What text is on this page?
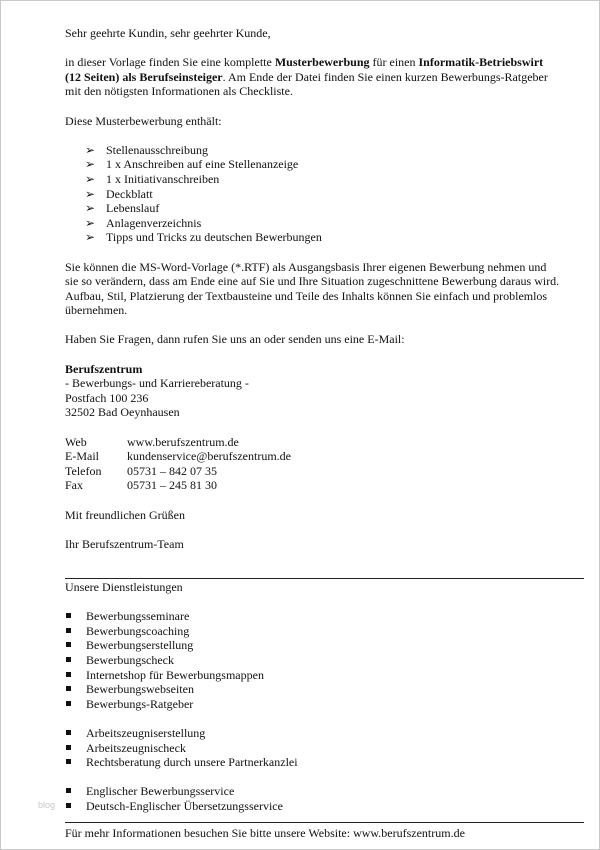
Sehr geehrte Kundin, sehr geehrter Kunde,

in dieser Vorlage finden Sie eine komplette Musterbewerbung für einen Informatik-Betriebswirt
(12 Seiten) als Berufseinsteiger. Am Ende der Datei finden Sie einen kurzen Bewerbungs-Ratgeber
mit den nötigsten Informationen als Checkliste.

Diese Musterbewerbung enthält:

➢ Stellenausschreibung
➢ 1 x Anschreiben auf eine Stellenanzeige
➢ 1 x Initiativanschreiben
➢ Deckblatt
➢ Lebenslauf
➢ Anlagenverzeichnis
➢ Tipps und Tricks zu deutschen Bewerbungen

Sie können die MS-Word-Vorlage (*.RTF) als Ausgangsbasis Ihrer eigenen Bewerbung nehmen und
sie so verändern, dass am Ende eine auf Sie und Ihre Situation zugeschnittene Bewerbung daraus wird.
Aufbau, Stil, Platzierung der Textbausteine und Teile des Inhalts können Sie einfach und problemlos
übernehmen.

Haben Sie Fragen, dann rufen Sie uns an oder senden uns eine E-Mail:

Berufszentrum
- Bewerbungs- und Karriereberatung -
Postfach 100 236
32502 Bad Oeynhausen

Web	www.berufszentrum.de
E-Mail	kundenservice@berufszentrum.de
Telefon	05731 – 842 07 35
Fax	05731 – 245 81 30

Mit freundlichen Grüßen

Ihr Berufszentrum-Team

Unsere Dienstleistungen

Bewerbungsseminare
Bewerbungscoaching
Bewerbungserstellung
Bewerbungscheck
Internetshop für Bewerbungsmappen
Bewerbungswebseiten
Bewerbungs-Ratgeber
Arbeitszeugniserstellung
Arbeitszeugnischeck
Rechtsberatung durch unsere Partnerkanzlei
Englischer Bewerbungsservice
Deutsch-Englischer Übersetzungsservice

Für mehr Informationen besuchen Sie bitte unsere Website: www.berufszentrum.de

blog
